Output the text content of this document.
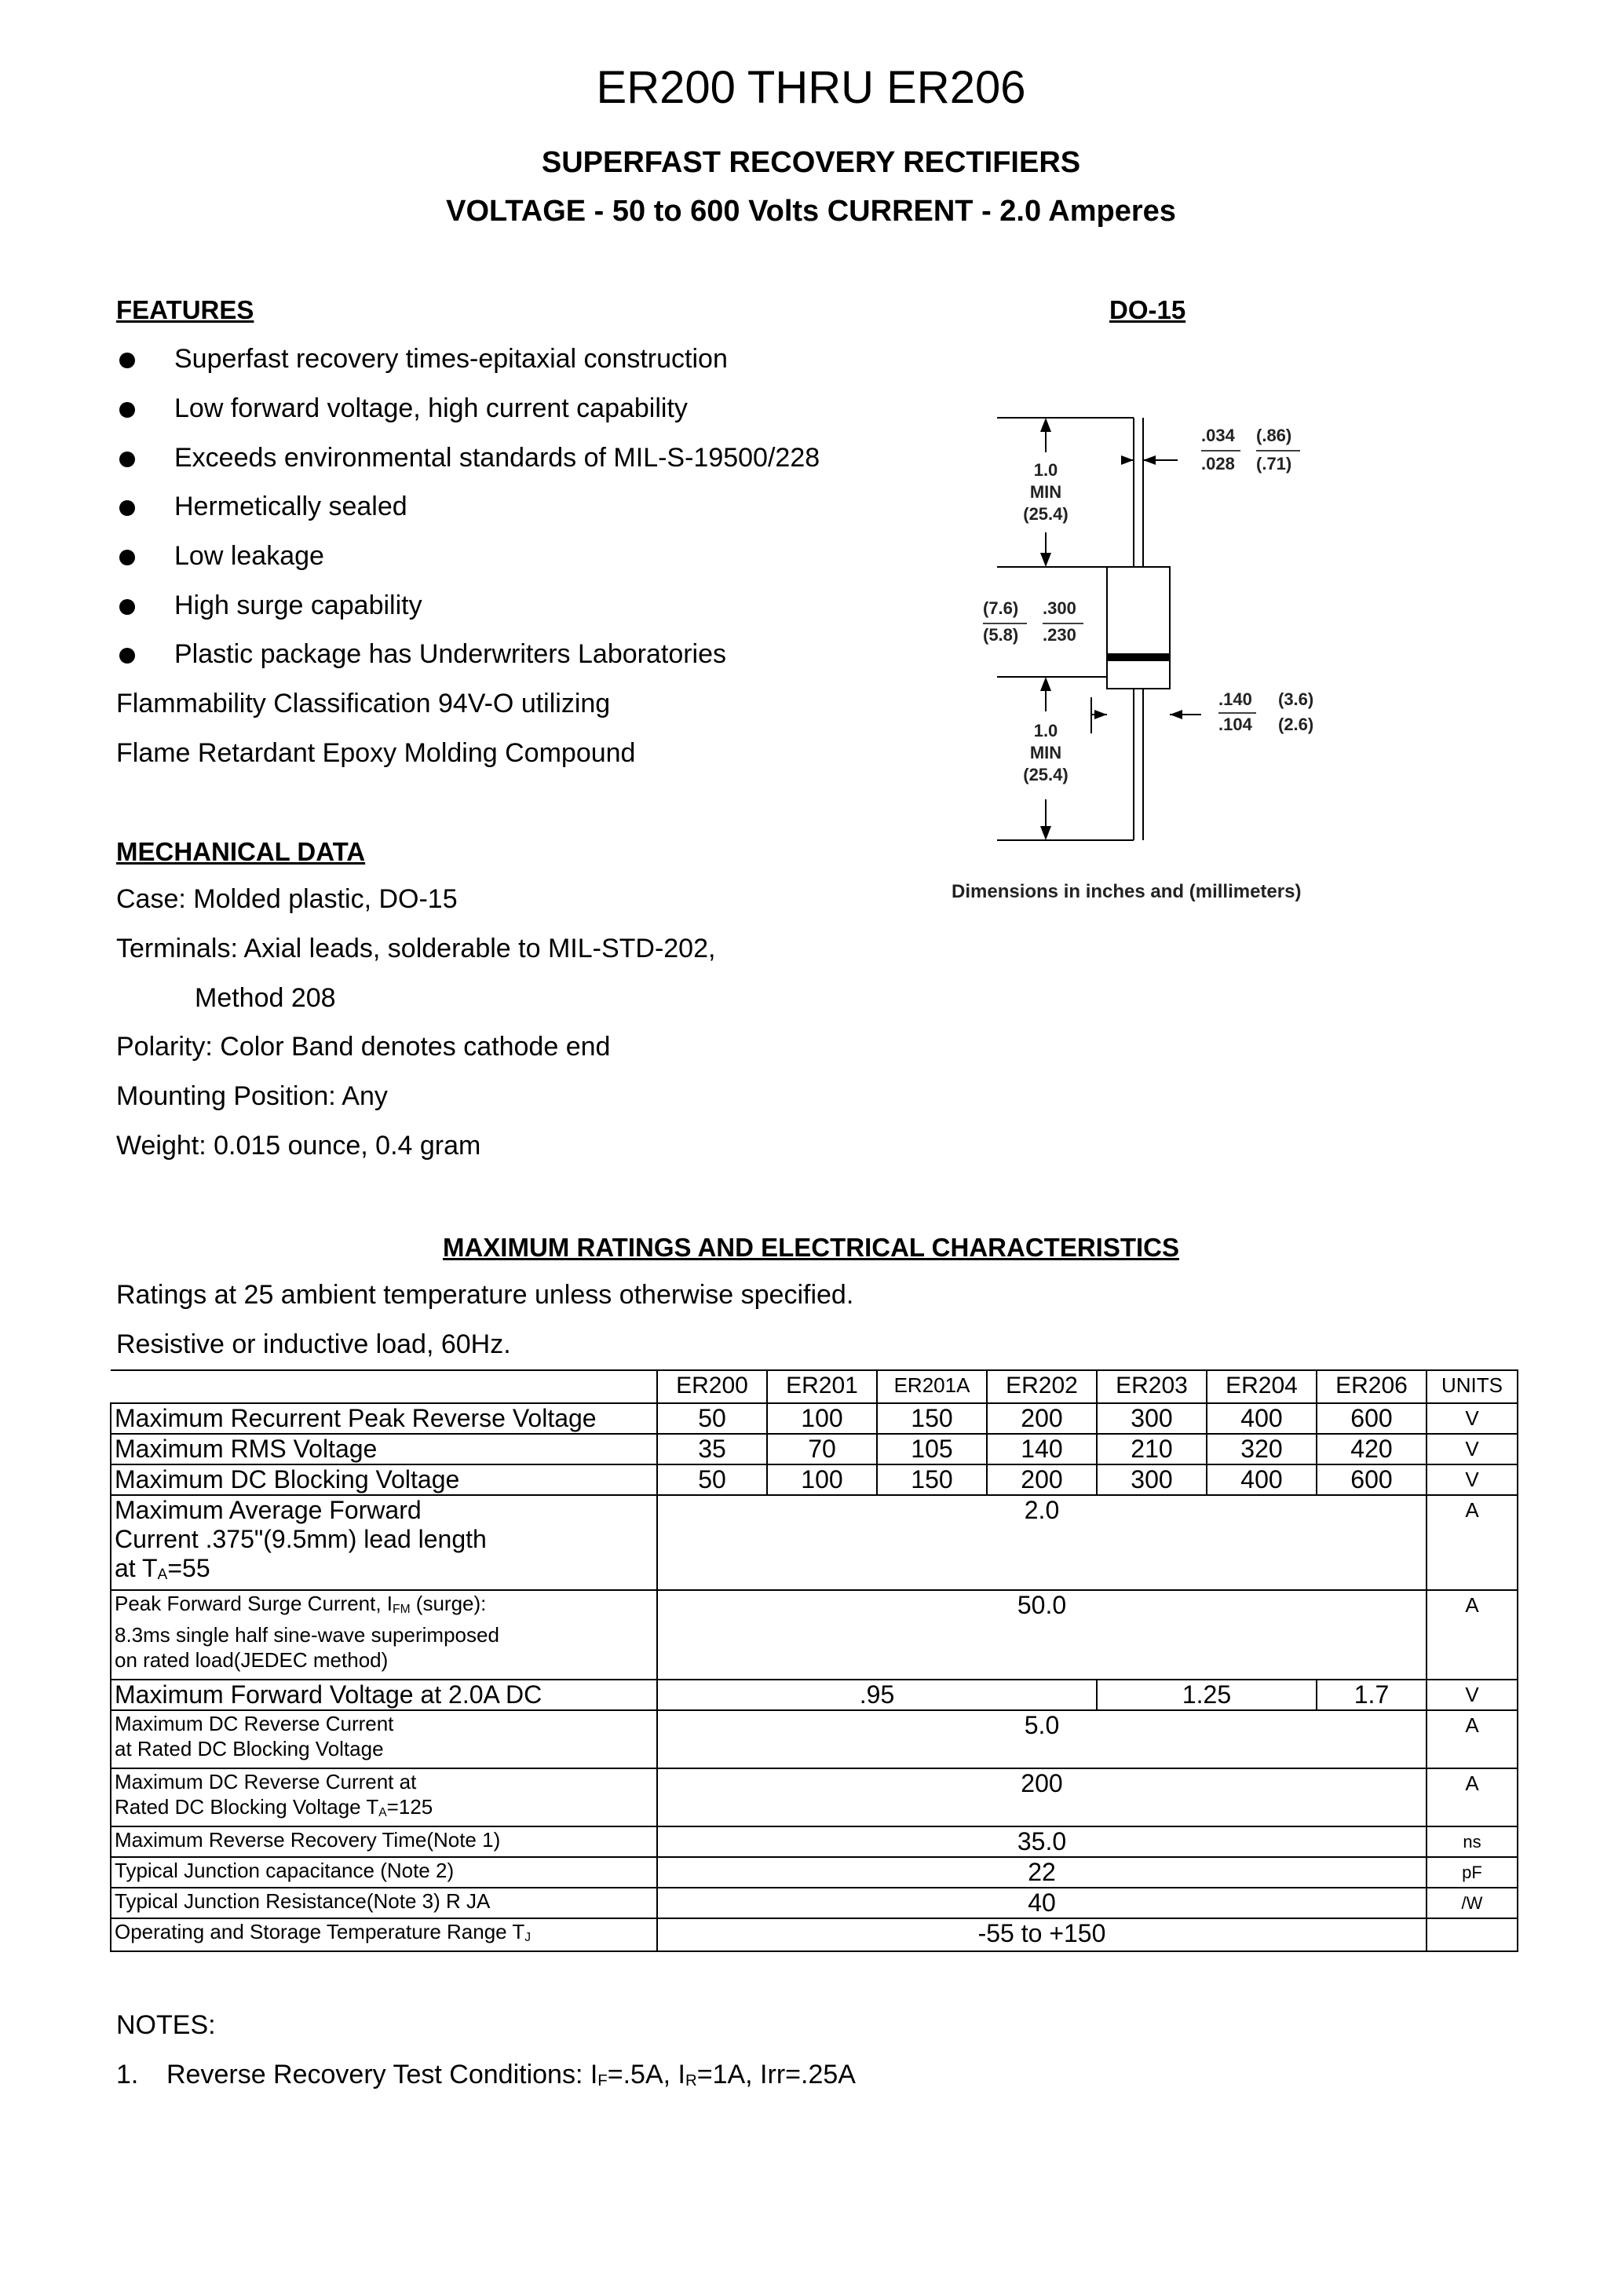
ER200 THRU ER206
SUPERFAST RECOVERY RECTIFIERS
VOLTAGE - 50 to 600 Volts CURRENT - 2.0 Amperes
FEATURES	DO-15
Superfast recovery times-epitaxial construction
Low forward voltage, high current capability
Exceeds environmental standards of MIL-S-19500/228
Hermetically sealed
Low leakage
High surge capability
Plastic package has Underwriters Laboratories
Flammability Classification 94V-O utilizing
Flame Retardant Epoxy Molding Compound
1.0
MIN
(25.4)
.034
.028
(.86)
(.71)
(7.6)
(5.8)
.300
.230
.140
.104
(3.6)
(2.6)
1.0
MIN
(25.4)
Dimensions in inches and (millimeters)
MECHANICAL DATA
Case: Molded plastic, DO-15
Terminals: Axial leads, solderable to MIL-STD-202,
Method 208
Polarity: Color Band denotes cathode end
Mounting Position: Any
Weight: 0.015 ounce, 0.4 gram
MAXIMUM RATINGS AND ELECTRICAL CHARACTERISTICS
Ratings at 25 ambient temperature unless otherwise specified.
Resistive or inductive load, 60Hz.
	ER200	ER201	ER201A	ER202	ER203	ER204	ER206	UNITS
Maximum Recurrent Peak Reverse Voltage	50	100	150	200	300	400	600	V
Maximum RMS Voltage	35	70	105	140	210	320	420	V
Maximum DC Blocking Voltage	50	100	150	200	300	400	600	V

Maximum Average Forward
Current .375"(9.5mm) lead length
at $T_A=55$	2.0							A

Peak Forward Surge Current, $I_{FM}$ (surge):
8.3ms single half sine-wave superimposed
on rated load(JEDEC method)	50.0							A
Maximum Forward Voltage at 2.0A DC	.95				1.25		1.7	V

Maximum DC Reverse Current
at Rated DC Blocking Voltage	5.0							A

Maximum DC Reverse Current at
Rated DC Blocking Voltage $T_A=125$	200							A
Maximum Reverse Recovery Time(Note 1)	35.0							ns
Typical Junction capacitance (Note 2)	22							pF
Typical Junction Resistance(Note 3) R JA	40							/W
Operating and Storage Temperature Range $T_J$	-55 to +150							
NOTES:
1. Reverse Recovery Test Conditions: $I_F=.5A$, $I_R=1A$, Irr=.25A
